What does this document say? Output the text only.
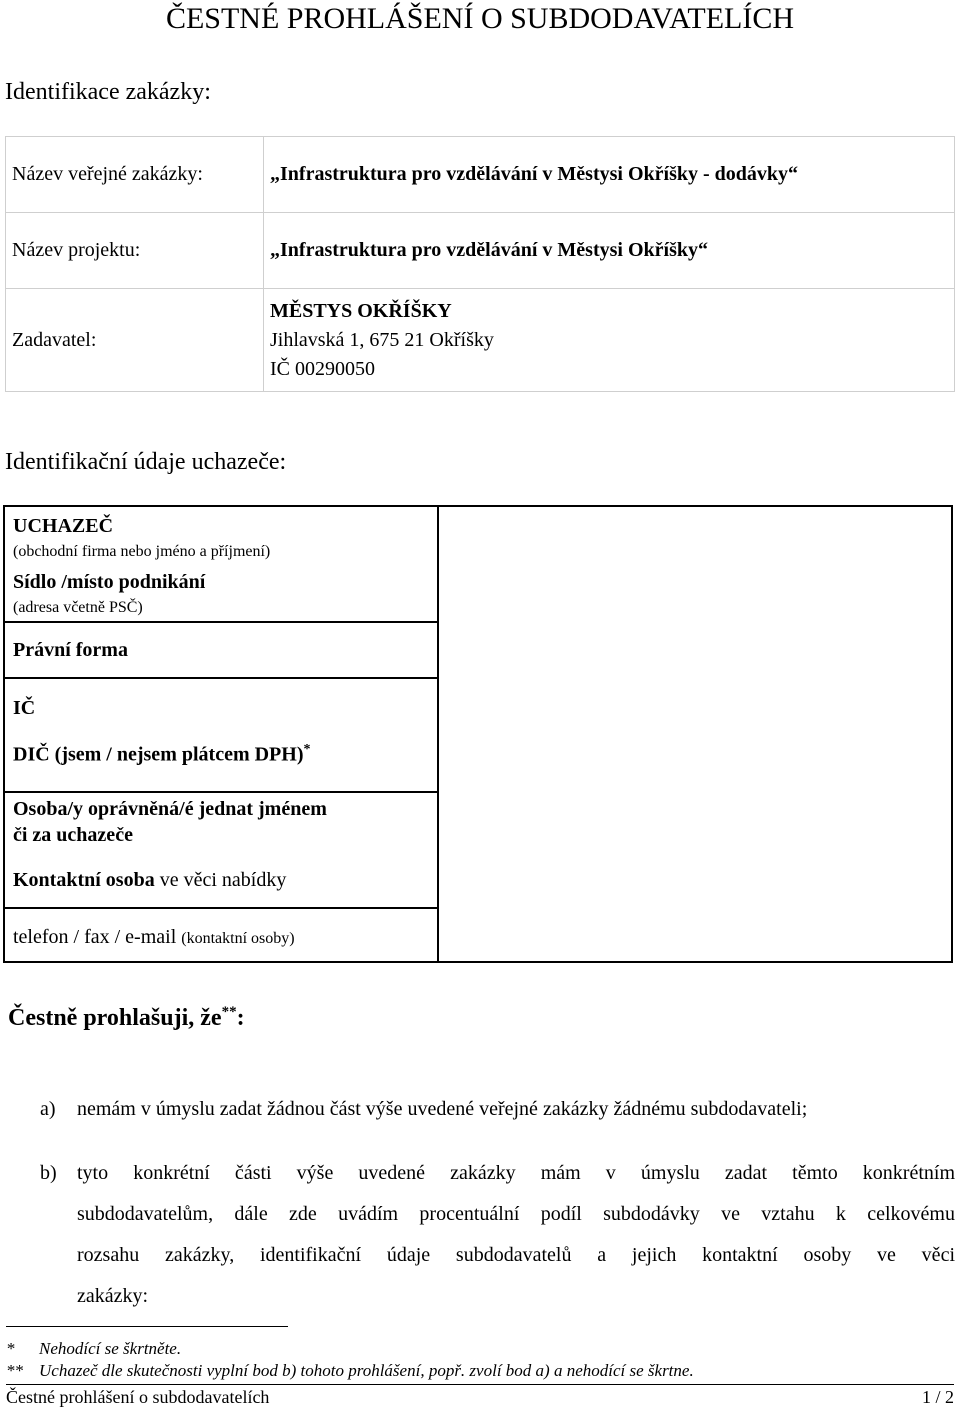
ČESTNÉ PROHLÁŠENÍ O SUBDODAVATELÍCH
Identifikace zakázky:
Název veřejné zakázky:	„Infrastruktura pro vzdělávání v Městysi Okříšky - dodávky“
Název projektu:	„Infrastruktura pro vzdělávání v Městysi Okříšky“
Zadavatel:	MĚSTYS OKŘÍŠKY
Jihlavská 1, 675 21 Okříšky
IČ 00290050
Identifikační údaje uchazeče:
UCHAZEČ
(obchodní firma nebo jméno a příjmení)
Sídlo /místo podnikání
(adresa včetně PSČ)
Právní forma
IČ
DIČ (jsem / nejsem plátcem DPH)*
Osoba/y oprávněná/é jednat jménem
či za uchazeče
Kontaktní osoba ve věci nabídky
telefon / fax / e-mail (kontaktní osoby)
Čestně prohlašuji, že**:
a) nemám v úmyslu zadat žádnou část výše uvedené veřejné zakázky žádnému subdodavateli;
b) tyto konkrétní části výše uvedené zakázky mám v úmyslu zadat těmto konkrétním
subdodavatelům, dále zde uvádím procentuální podíl subdodávky ve vztahu k celkovému
rozsahu zakázky, identifikační údaje subdodavatelů a jejich kontaktní osoby ve věci
zakázky:
* Nehodící se škrtněte.
** Uchazeč dle skutečnosti vyplní bod b) tohoto prohlášení, popř. zvolí bod a) a nehodící se škrtne.
Čestné prohlášení o subdodavatelích	1 / 2
